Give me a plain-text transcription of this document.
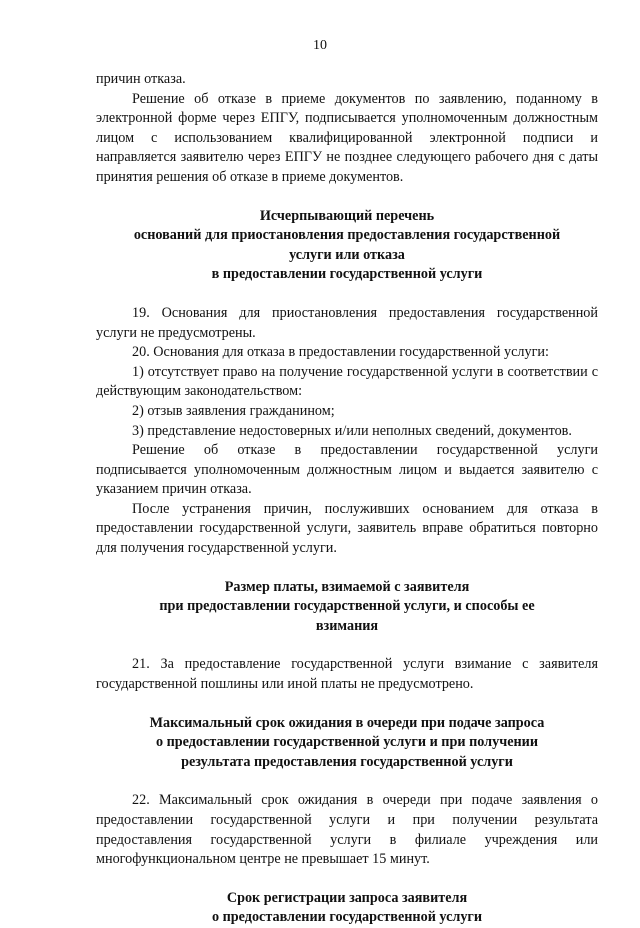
10

причин отказа.

Решение об отказе в приеме документов по заявлению, поданному в электронной форме через ЕПГУ, подписывается уполномоченным должностным лицом с использованием квалифицированной электронной подписи и направляется заявителю через ЕПГУ не позднее следующего рабочего дня с даты принятия решения об отказе в приеме документов.

Исчерпывающий перечень
оснований для приостановления предоставления государственной
услуги или отказа
в предоставлении государственной услуги

19. Основания для приостановления предоставления государственной услуги не предусмотрены.

20. Основания для отказа в предоставлении государственной услуги:

1) отсутствует право на получение государственной услуги в соответствии с действующим законодательством:

2) отзыв заявления гражданином;

3) представление недостоверных и/или неполных сведений, документов.

Решение об отказе в предоставлении государственной услуги подписывается уполномоченным должностным лицом и выдается заявителю с указанием причин отказа.

После устранения причин, послуживших основанием для отказа в предоставлении государственной услуги, заявитель вправе обратиться повторно для получения государственной услуги.

Размер платы, взимаемой с заявителя
при предоставлении государственной услуги, и способы ее
взимания

21. За предоставление государственной услуги взимание с заявителя государственной пошлины или иной платы не предусмотрено.

Максимальный срок ожидания в очереди при подаче запроса
о предоставлении государственной услуги и при получении
результата предоставления государственной услуги

22. Максимальный срок ожидания в очереди при подаче заявления о предоставлении государственной услуги и при получении результата предоставления государственной услуги в филиале учреждения или многофункциональном центре не превышает 15 минут.

Срок регистрации запроса заявителя
о предоставлении государственной услуги
